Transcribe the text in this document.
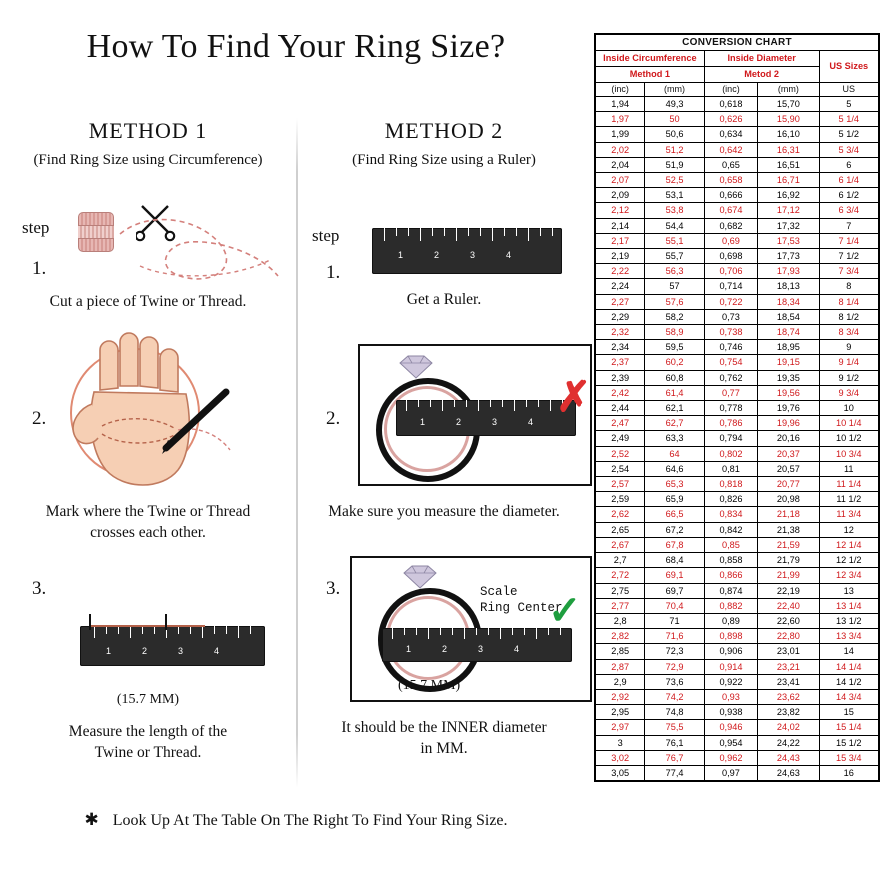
How To Find Your Ring Size?
METHOD 1
(Find Ring Size using Circumference)
step
1.
2.
3.
Cut a piece of Twine or Thread.
Mark where the Twine or Thread
crosses each other.
1	2	3	4
(15.7 MM)
Measure the length of the
Twine or Thread.
METHOD 2
(Find Ring Size using a Ruler)
step
1.
2.
3.
1	2	3	4
Get a Ruler.
1	2	3	4
✗
Make sure you measure the diameter.
1	2	3	4
Scale
Ring Center
✓
(15.7 MM)
It should be the INNER diameter
in MM.
✱ Look Up At The Table On The Right To Find Your Ring Size.
CONVERSION CHART				
Inside Circumference		Inside Diameter		US Sizes
Method 1		Metod 2		
(inc)	(mm)	(inc)	(mm)	US
1,94	49,3	0,618	15,70	5
1,97	50	0,626	15,90	5 1/4
1,99	50,6	0,634	16,10	5 1/2
2,02	51,2	0,642	16,31	5 3/4
2,04	51,9	0,65	16,51	6
2,07	52,5	0,658	16,71	6 1/4
2,09	53,1	0,666	16,92	6 1/2
2,12	53,8	0,674	17,12	6 3/4
2,14	54,4	0,682	17,32	7
2,17	55,1	0,69	17,53	7 1/4
2,19	55,7	0,698	17,73	7 1/2
2,22	56,3	0,706	17,93	7 3/4
2,24	57	0,714	18,13	8
2,27	57,6	0,722	18,34	8 1/4
2,29	58,2	0,73	18,54	8 1/2
2,32	58,9	0,738	18,74	8 3/4
2,34	59,5	0,746	18,95	9
2,37	60,2	0,754	19,15	9 1/4
2,39	60,8	0,762	19,35	9 1/2
2,42	61,4	0,77	19,56	9 3/4
2,44	62,1	0,778	19,76	10
2,47	62,7	0,786	19,96	10 1/4
2,49	63,3	0,794	20,16	10 1/2
2,52	64	0,802	20,37	10 3/4
2,54	64,6	0,81	20,57	11
2,57	65,3	0,818	20,77	11 1/4
2,59	65,9	0,826	20,98	11 1/2
2,62	66,5	0,834	21,18	11 3/4
2,65	67,2	0,842	21,38	12
2,67	67,8	0,85	21,59	12 1/4
2,7	68,4	0,858	21,79	12 1/2
2,72	69,1	0,866	21,99	12 3/4
2,75	69,7	0,874	22,19	13
2,77	70,4	0,882	22,40	13 1/4
2,8	71	0,89	22,60	13 1/2
2,82	71,6	0,898	22,80	13 3/4
2,85	72,3	0,906	23,01	14
2,87	72,9	0,914	23,21	14 1/4
2,9	73,6	0,922	23,41	14 1/2
2,92	74,2	0,93	23,62	14 3/4
2,95	74,8	0,938	23,82	15
2,97	75,5	0,946	24,02	15 1/4
3	76,1	0,954	24,22	15 1/2
3,02	76,7	0,962	24,43	15 3/4
3,05	77,4	0,97	24,63	16
